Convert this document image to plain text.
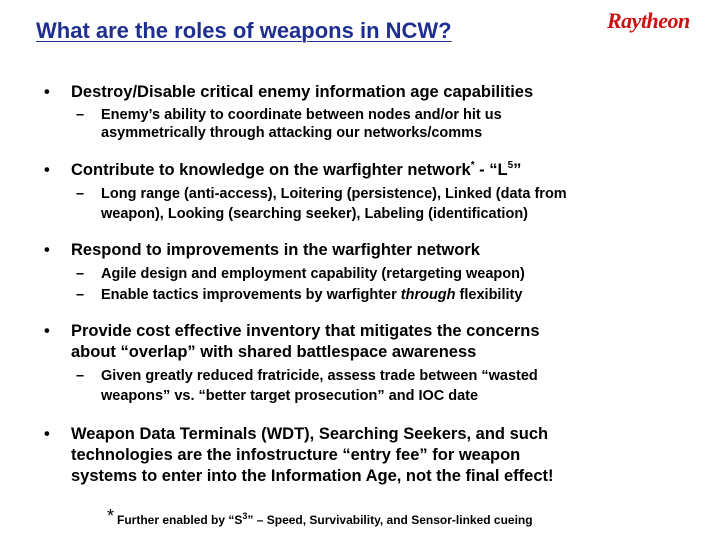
What are the roles of weapons in NCW?	Raytheon
• Destroy/Disable critical enemy information age capabilities
– Enemy’s ability to coordinate between nodes and/or hit us
asymmetrically through attacking our networks/comms
• Contribute to knowledge on the warfighter network* - “$L^5$”
– Long range (anti-access), Loitering (persistence), Linked (data from
weapon), Looking (searching seeker), Labeling (identification)
• Respond to improvements in the warfighter network
– Agile design and employment capability (retargeting weapon)
– Enable tactics improvements by warfighter through flexibility
• Provide cost effective inventory that mitigates the concerns
about “overlap” with shared battlespace awareness
– Given greatly reduced fratricide, assess trade between “wasted
weapons” vs. “better target prosecution” and IOC date
• Weapon Data Terminals (WDT), Searching Seekers, and such
technologies are the infostructure “entry fee” for weapon
systems to enter into the Information Age, not the final effect!
* Further enabled by “$S^3$” – Speed, Survivability, and Sensor-linked cueing
